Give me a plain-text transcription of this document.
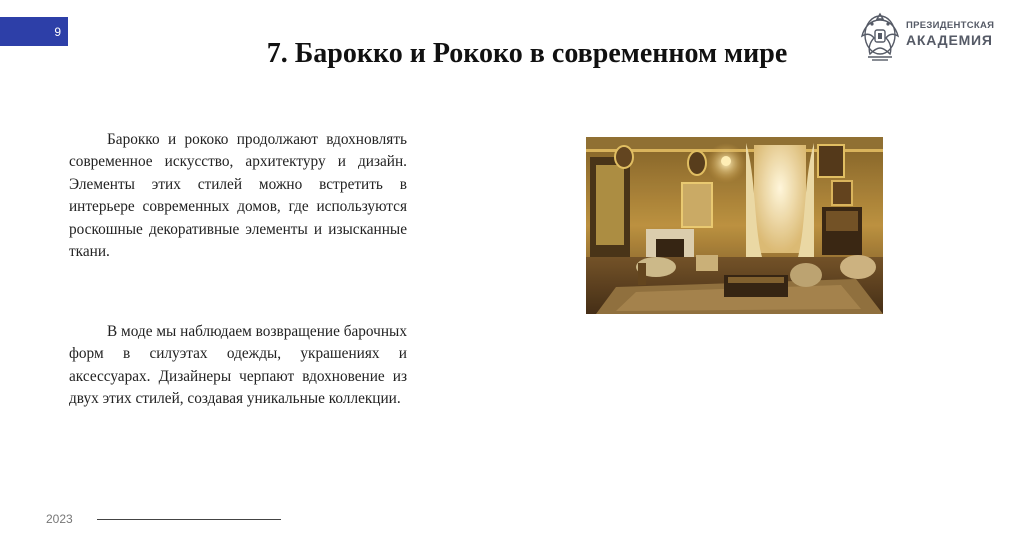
9
7. Барокко и Рококо в современном мире
ПРЕЗИДЕНТСКАЯ
АКАДЕМИЯ

Барокко и рококо продолжают вдохновлять современное искусство, архитектуру и дизайн. Элементы этих стилей можно встретить в интерьере современных домов, где используются роскошные декоративные элементы и изысканные ткани.

В моде мы наблюдаем возвращение барочных форм в силуэтах одежды, украшениях и аксессуарах. Дизайнеры черпают вдохновение из двух этих стилей, создавая уникальные коллекции.

2023
